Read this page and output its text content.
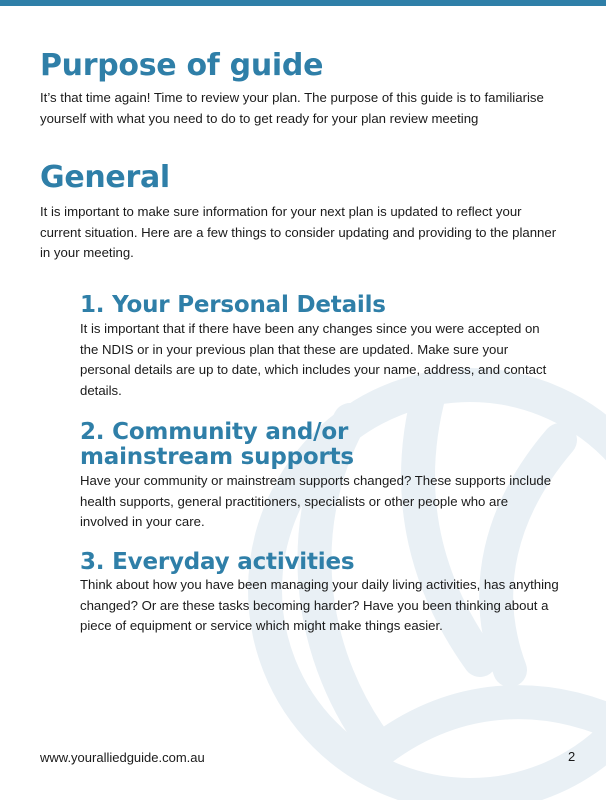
Purpose of guide

It’s that time again! Time to review your plan. The purpose of this guide is to familiarise yourself with what you need to do to get ready for your plan review meeting

General

It is important to make sure information for your next plan is updated to reflect your current situation. Here are a few things to consider updating and providing to the planner in your meeting.

1. Your Personal Details

It is important that if there have been any changes since you were accepted on the NDIS or in your previous plan that these are updated. Make sure your personal details are up to date, which includes your name, address, and contact details.

2. Community and/or mainstream supports

Have your community or mainstream supports changed? These supports include health supports, general practitioners, specialists or other people who are involved in your care.

3. Everyday activities

Think about how you have been managing your daily living activities, has anything changed? Or are these tasks becoming harder? Have you been thinking about a piece of equipment or service which might make things easier.

www.youralliedguide.com.au	2
